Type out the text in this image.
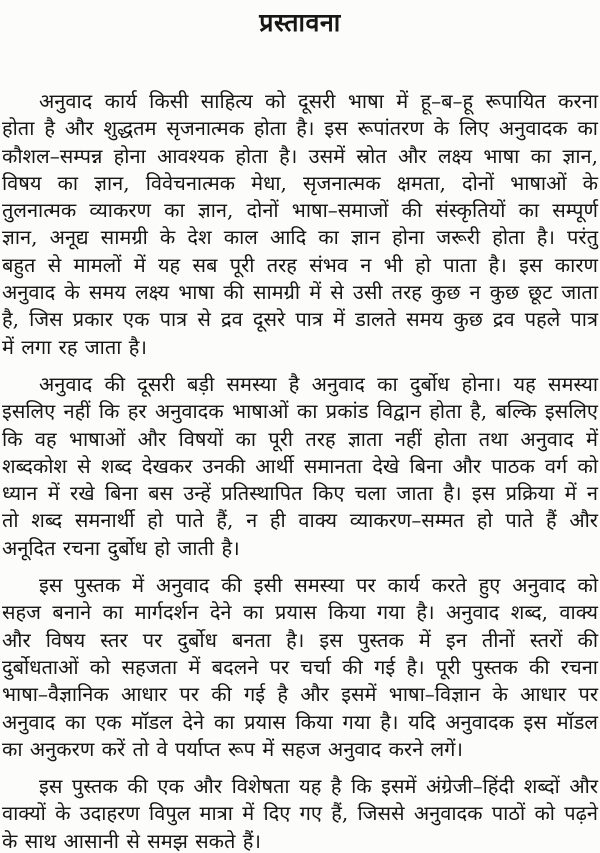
प्रस्तावना
अनुवाद कार्य किसी साहित्य को दूसरी भाषा में हू–ब–हू रूपायित करना
होता है और शुद्धतम सृजनात्मक होता है। इस रूपांतरण के लिए अनुवादक का
कौशल–सम्पन्न होना आवश्यक होता है। उसमें स्रोत और लक्ष्य भाषा का ज्ञान,
विषय का ज्ञान, विवेचनात्मक मेधा, सृजनात्मक क्षमता, दोनों भाषाओं के
तुलनात्मक व्याकरण का ज्ञान, दोनों भाषा–समाजों की संस्कृतियों का सम्पूर्ण
ज्ञान, अनूद्य सामग्री के देश काल आदि का ज्ञान होना जरूरी होता है। परंतु
बहुत से मामलों में यह सब पूरी तरह संभव न भी हो पाता है। इस कारण
अनुवाद के समय लक्ष्य भाषा की सामग्री में से उसी तरह कुछ न कुछ छूट जाता
है, जिस प्रकार एक पात्र से द्रव दूसरे पात्र में डालते समय कुछ द्रव पहले पात्र
में लगा रह जाता है।
अनुवाद की दूसरी बड़ी समस्या है अनुवाद का दुर्बोध होना। यह समस्या
इसलिए नहीं कि हर अनुवादक भाषाओं का प्रकांड विद्वान होता है, बल्कि इसलिए
कि वह भाषाओं और विषयों का पूरी तरह ज्ञाता नहीं होता तथा अनुवाद में
शब्दकोश से शब्द देखकर उनकी आर्थी समानता देखे बिना और पाठक वर्ग को
ध्यान में रखे बिना बस उन्हें प्रतिस्थापित किए चला जाता है। इस प्रक्रिया में न
तो शब्द समनार्थी हो पाते हैं, न ही वाक्य व्याकरण–सम्मत हो पाते हैं और
अनूदित रचना दुर्बोध हो जाती है।
इस पुस्तक में अनुवाद की इसी समस्या पर कार्य करते हुए अनुवाद को
सहज बनाने का मार्गदर्शन देने का प्रयास किया गया है। अनुवाद शब्द, वाक्य
और विषय स्तर पर दुर्बोध बनता है। इस पुस्तक में इन तीनों स्तरों की
दुर्बोधताओं को सहजता में बदलने पर चर्चा की गई है। पूरी पुस्तक की रचना
भाषा–वैज्ञानिक आधार पर की गई है और इसमें भाषा–विज्ञान के आधार पर
अनुवाद का एक मॉडल देने का प्रयास किया गया है। यदि अनुवादक इस मॉडल
का अनुकरण करें तो वे पर्याप्त रूप में सहज अनुवाद करने लगें।
इस पुस्तक की एक और विशेषता यह है कि इसमें अंग्रेजी–हिंदी शब्दों और
वाक्यों के उदाहरण विपुल मात्रा में दिए गए हैं, जिससे अनुवादक पाठों को पढ़ने
के साथ आसानी से समझ सकते हैं।
